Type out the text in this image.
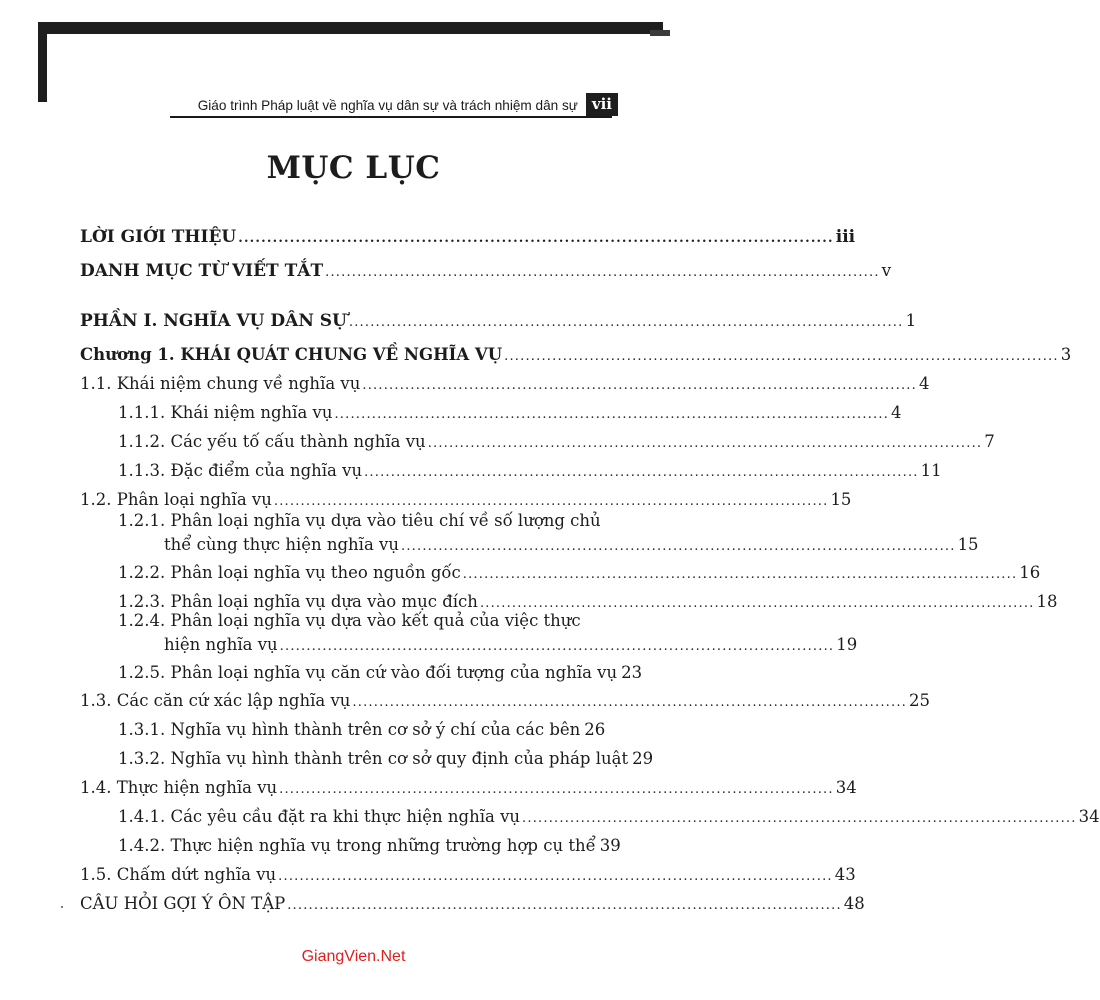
Giáo trình Pháp luật về nghĩa vụ dân sự và trách nhiệm dân sự vii
MỤC LỤC
LỜI GIỚI THIỆU ........................................................................................................ iii
DANH MỤC TỪ VIẾT TẮT ........................................................................................................ v
PHẦN I. NGHĨA VỤ DÂN SỰ ........................................................................................................ 1
Chương 1. KHÁI QUÁT CHUNG VỀ NGHĨA VỤ ........................................................................................................ 3
1.1. Khái niệm chung về nghĩa vụ ........................................................................................................ 4
1.1.1. Khái niệm nghĩa vụ ........................................................................................................ 4
1.1.2. Các yếu tố cấu thành nghĩa vụ ........................................................................................................ 7
1.1.3. Đặc điểm của nghĩa vụ ........................................................................................................ 11
1.2. Phân loại nghĩa vụ ........................................................................................................ 15
1.2.1. Phân loại nghĩa vụ dựa vào tiêu chí về số lượng chủ
thể cùng thực hiện nghĩa vụ ........................................................................................................ 15
1.2.2. Phân loại nghĩa vụ theo nguồn gốc ........................................................................................................ 16
1.2.3. Phân loại nghĩa vụ dựa vào mục đích ........................................................................................................ 18
1.2.4. Phân loại nghĩa vụ dựa vào kết quả của việc thực
hiện nghĩa vụ ........................................................................................................ 19
1.2.5. Phân loại nghĩa vụ căn cứ vào đối tượng của nghĩa vụ 23
1.3. Các căn cứ xác lập nghĩa vụ ........................................................................................................ 25
1.3.1. Nghĩa vụ hình thành trên cơ sở ý chí của các bên 26
1.3.2. Nghĩa vụ hình thành trên cơ sở quy định của pháp luật 29
1.4. Thực hiện nghĩa vụ ........................................................................................................ 34
1.4.1. Các yêu cầu đặt ra khi thực hiện nghĩa vụ ........................................................................................................ 34
1.4.2. Thực hiện nghĩa vụ trong những trường hợp cụ thể 39
1.5. Chấm dứt nghĩa vụ ........................................................................................................ 43
CÂU HỎI GỢI Ý ÔN TẬP ........................................................................................................ 48
GiangVien.Net
